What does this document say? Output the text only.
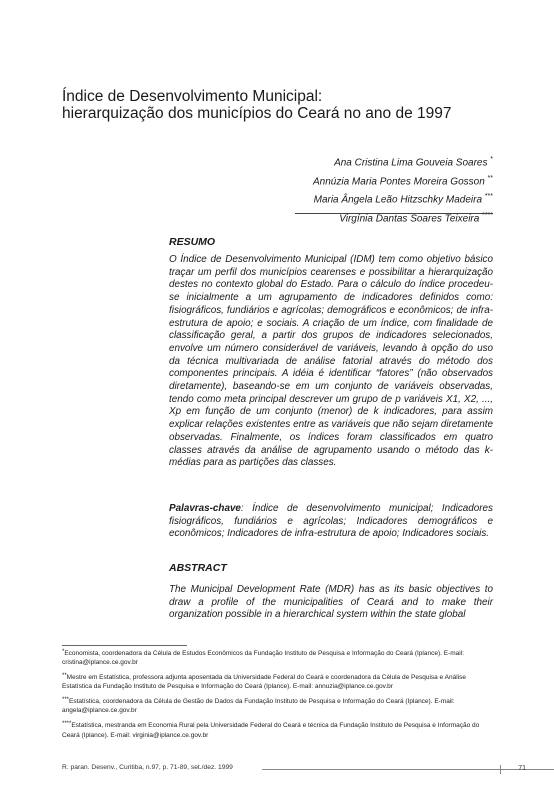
Índice de Desenvolvimento Municipal:
hierarquização dos municípios do Ceará no ano de 1997
Ana Cristina Lima Gouveia Soares *
Annúzia Maria Pontes Moreira Gosson **
Maria Ângela Leão Hitzschky Madeira ***
Virgínia Dantas Soares Teixeira ****
RESUMO

O Índice de Desenvolvimento Municipal (IDM) tem como objetivo básico traçar um perfil dos municípios cearenses e possibilitar a hierarquização destes no contexto global do Estado. Para o cálculo do índice procedeu-se inicialmente a um agrupamento de indicadores definidos como: fisiográficos, fundiários e agrícolas; demográficos e econômicos; de infra-estrutura de apoio; e sociais. A criação de um índice, com finalidade de classificação geral, a partir dos grupos de indicadores selecionados, envolve um número considerável de variáveis, levando à opção do uso da técnica multivariada de análise fatorial através do método dos componentes principais. A idéia é identificar “fatores” (não observados diretamente), baseando-se em um conjunto de variáveis observadas, tendo como meta principal descrever um grupo de p variáveis X1, X2, ..., Xp em função de um conjunto (menor) de k indicadores, para assim explicar relações existentes entre as variáveis que não sejam diretamente observadas. Finalmente, os índices foram classificados em quatro classes através da análise de agrupamento usando o método das k-médias para as partições das classes.

Palavras-chave: Índice de desenvolvimento municipal; Indicadores fisiográficos, fundiários e agrícolas; Indicadores demográficos e econômicos; Indicadores de infra-estrutura de apoio; Indicadores sociais.

ABSTRACT

The Municipal Development Rate (MDR) has as its basic objectives to draw a profile of the municipalities of Ceará and to make their organization possible in a hierarchical system within the state global

*Economista, coordenadora da Célula de Estudos Econômicos da Fundação Instituto de Pesquisa e Informação do Ceará (Iplance). E-mail: cristina@iplance.ce.gov.br

**Mestre em Estatística, professora adjunta aposentada da Universidade Federal do Ceará e coordenadora da Célula de Pesquisa e Análise Estatística da Fundação Instituto de Pesquisa e Informação do Ceará (Iplance). E-mail: annuzia@iplance.ce.gov.br

***Estatística, coordenadora da Célula de Gestão de Dados da Fundação Instituto de Pesquisa e Informação do Ceará (Iplance). E-mail: angela@iplance.ce.gov.br

****Estatística, mestranda em Economia Rural pela Universidade Federal do Ceará e técnica da Fundação Instituto de Pesquisa e Informação do Ceará (Iplance). E-mail: virginia@iplance.ce.gov.br

R. paran. Desenv., Curitiba, n.97, p. 71-89, set./dez. 1999	71
